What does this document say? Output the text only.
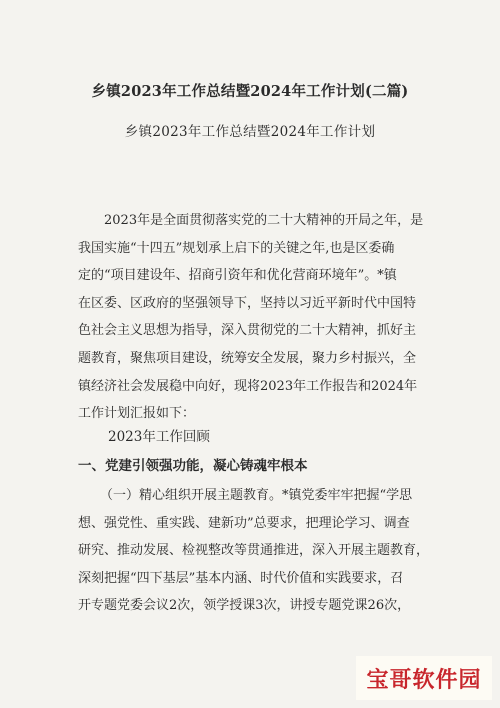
乡镇2023年工作总结暨2024年工作计划(二篇)
乡镇2023年工作总结暨2024年工作计划
2023年是全面贯彻落实党的二十大精神的开局之年，是
我国实施“十四五”规划承上启下的关键之年,也是区委确
定的“项目建设年、招商引资年和优化营商环境年”。*镇
在区委、区政府的坚强领导下，坚持以习近平新时代中国特
色社会主义思想为指导，深入贯彻党的二十大精神，抓好主
题教育，聚焦项目建设，统筹安全发展，聚力乡村振兴，全
镇经济社会发展稳中向好，现将2023年工作报告和2024年
工作计划汇报如下：
2023年工作回顾
一、党建引领强功能，凝心铸魂牢根本
（一）精心组织开展主题教育。*镇党委牢牢把握“学思
想、强党性、重实践、建新功”总要求，把理论学习、调查
研究、推动发展、检视整改等贯通推进，深入开展主题教育，
深刻把握“四下基层”基本内涵、时代价值和实践要求，召
开专题党委会议2次，领学授课3次，讲授专题党课26次，
宝哥软件园
